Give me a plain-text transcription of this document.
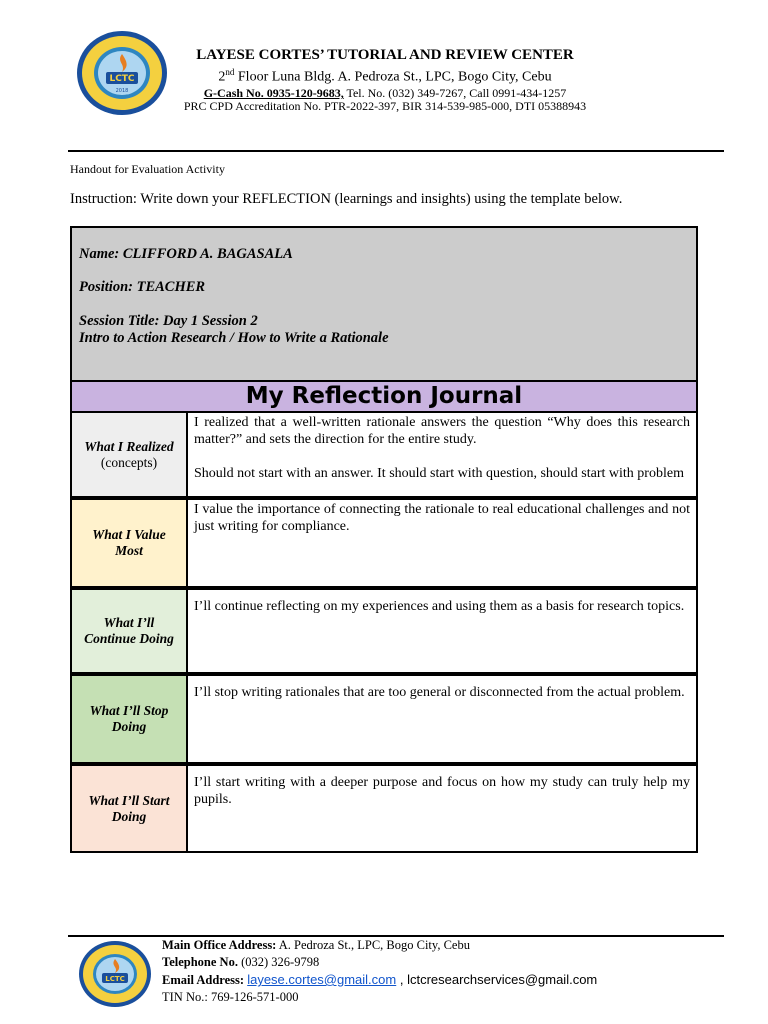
LCTC
2018
LAYESE CORTES’ TUTORIAL AND REVIEW CENTER
2nd Floor Luna Bldg. A. Pedroza St., LPC, Bogo City, Cebu
G-Cash No. 0935-120-9683, Tel. No. (032) 349-7267, Call 0991-434-1257
PRC CPD Accreditation No. PTR-2022-397, BIR 314-539-985-000, DTI 05388943
Handout for Evaluation Activity
Instruction: Write down your REFLECTION (learnings and insights) using the template below.
Name: CLIFFORD A. BAGASALA
Position: TEACHER
Session Title: Day 1 Session 2
Intro to Action Research / How to Write a Rationale
My Reflection Journal
What I Realized
(concepts)

I realized that a well-written rationale answers the question “Why does this research matter?” and sets the direction for the entire study.

Should not start with an answer. It should start with question, should start with problem

What I Value Most

I value the importance of connecting the rationale to real educational challenges and not just writing for compliance.

What I’ll Continue Doing

I’ll continue reflecting on my experiences and using them as a basis for research topics.

What I’ll Stop Doing

I’ll stop writing rationales that are too general or disconnected from the actual problem.

What I’ll Start Doing

I’ll start writing with a deeper purpose and focus on how my study can truly help my pupils.

LCTC
Main Office Address: A. Pedroza St., LPC, Bogo City, Cebu
Telephone No. (032) 326-9798
Email Address: layese.cortes@gmail.com , lctcresearchservices@gmail.com
TIN No.: 769-126-571-000
